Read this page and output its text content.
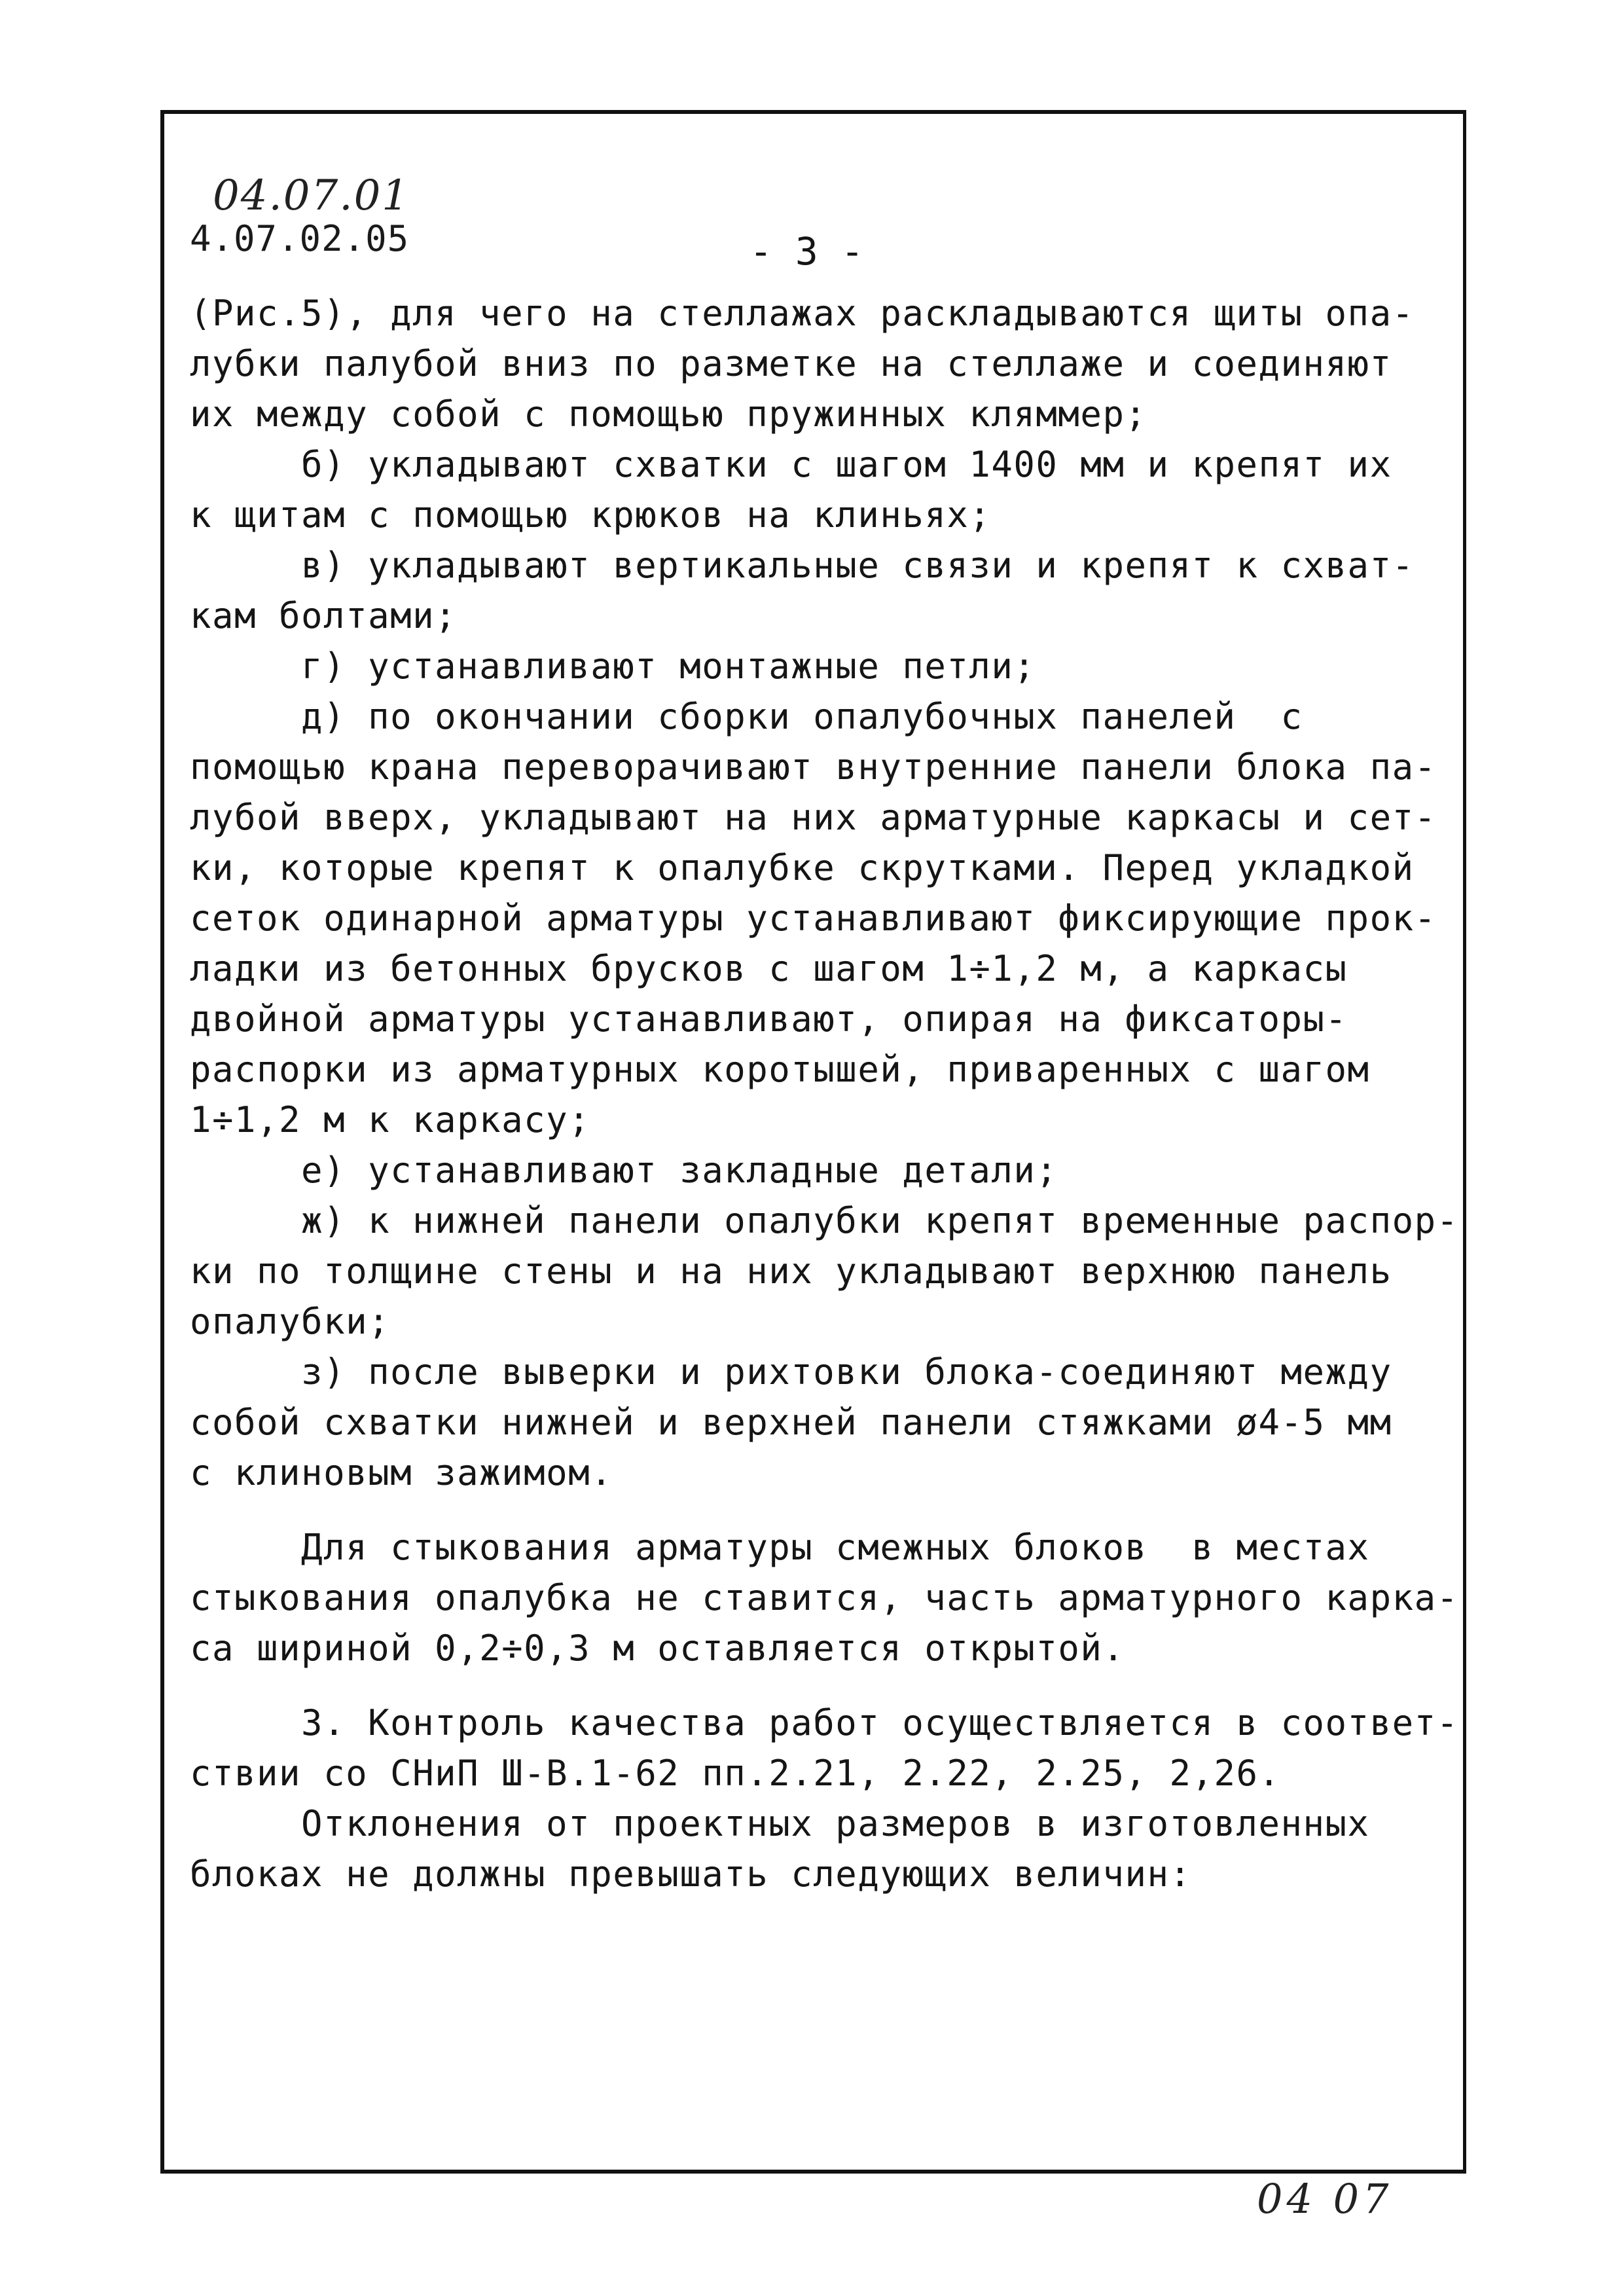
04.07.01
4.07.02.05	- 3 -

(Рис.5), для чего на стеллажах раскладываются щиты опа-

лубки палубой вниз по разметке на стеллаже и соединяют

их между собой с помощью пружинных кляммер;

б) укладывают схватки с шагом 1400 мм и крепят их

к щитам с помощью крюков на клиньях;

в) укладывают вертикальные связи и крепят к схват-

кам болтами;

г) устанавливают монтажные петли;

д) по окончании сборки опалубочных панелей  с

помощью крана переворачивают внутренние панели блока па-

лубой вверх, укладывают на них арматурные каркасы и сет-

ки, которые крепят к опалубке скрутками. Перед укладкой

сеток одинарной арматуры устанавливают фиксирующие прок-

ладки из бетонных брусков с шагом 1÷1,2 м, а каркасы

двойной арматуры устанавливают, опирая на фиксаторы-

распорки из арматурных коротышей, приваренных с шагом

1÷1,2 м к каркасу;

е) устанавливают закладные детали;

ж) к нижней панели опалубки крепят временные распор-

ки по толщине стены и на них укладывают верхнюю панель

опалубки;

з) после выверки и рихтовки блока-соединяют между

собой схватки нижней и верхней панели стяжками ø4-5 мм

с клиновым зажимом.

Для стыкования арматуры смежных блоков  в местах

стыкования опалубка не ставится, часть арматурного карка-

са шириной 0,2÷0,3 м оставляется открытой.

3. Контроль качества работ осуществляется в соответ-

ствии со СНиП Ш-В.1-62 пп.2.21, 2.22, 2.25, 2,26.

Отклонения от проектных размеров в изготовленных

блоках не должны превышать следующих величин:

04 07
